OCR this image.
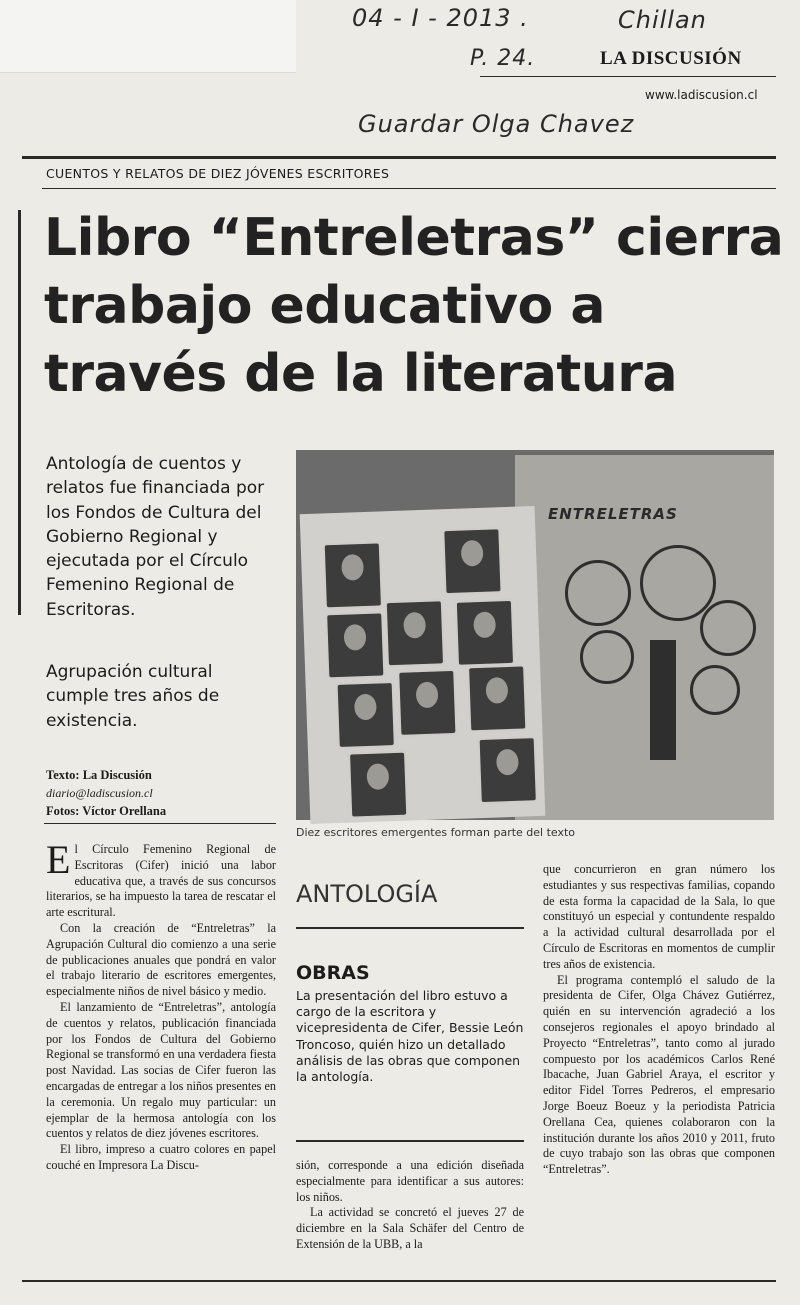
04 - I - 2013 .	Chillan
P. 24.	LA DISCUSIÓN
www.ladiscusion.cl
Guardar Olga Chavez
CUENTOS Y RELATOS DE DIEZ JÓVENES ESCRITORES
Libro “Entreletras” cierra
trabajo educativo a
través de la literatura
Antología de cuentos y relatos fue financiada por los Fondos de Cultura del Gobierno Regional y ejecutada por el Círculo Femenino Regional de Escritoras.
Agrupación cultural cumple tres años de existencia.
Texto: La Discusión
diario@ladiscusion.cl
Fotos: Víctor Orellana
ENTRELETRAS
Diez escritores emergentes forman parte del texto

El Círculo Femenino Regional de Escritoras (Cifer) inició una labor educativa que, a través de sus concursos literarios, se ha impuesto la tarea de rescatar el arte escritural.

Con la creación de “Entreletras” la Agrupación Cultural dio comienzo a una serie de publicaciones anuales que pondrá en valor el trabajo literario de escritores emergentes, especialmente niños de nivel básico y medio.

El lanzamiento de “Entreletras”, antología de cuentos y relatos, publicación financiada por los Fondos de Cultura del Gobierno Regional se transformó en una verdadera fiesta post Navidad. Las socias de Cifer fueron las encargadas de entregar a los niños presentes en la ceremonia. Un regalo muy particular: un ejemplar de la hermosa antología con los cuentos y relatos de diez jóvenes escritores.

El libro, impreso a cuatro colores en papel couché en Impresora La Discu-

ANTOLOGÍA
OBRAS
La presentación del libro estuvo a cargo de la escritora y vicepresidenta de Cifer, Bessie León Troncoso, quién hizo un detallado análisis de las obras que componen la antología.

sión, corresponde a una edición diseñada especialmente para identificar a sus autores: los niños.

La actividad se concretó el jueves 27 de diciembre en la Sala Schäfer del Centro de Extensión de la UBB, a la

que concurrieron en gran número los estudiantes y sus respectivas familias, copando de esta forma la capacidad de la Sala, lo que constituyó un especial y contundente respaldo a la actividad cultural desarrollada por el Círculo de Escritoras en momentos de cumplir tres años de existencia.

El programa contempló el saludo de la presidenta de Cifer, Olga Chávez Gutiérrez, quién en su intervención agradeció a los consejeros regionales el apoyo brindado al Proyecto “Entreletras”, tanto como al jurado compuesto por los académicos Carlos René Ibacache, Juan Gabriel Araya, el escritor y editor Fidel Torres Pedreros, el empresario Jorge Boeuz Boeuz y la periodista Patricia Orellana Cea, quienes colaboraron con la institución durante los años 2010 y 2011, fruto de cuyo trabajo son las obras que componen “Entreletras”.
